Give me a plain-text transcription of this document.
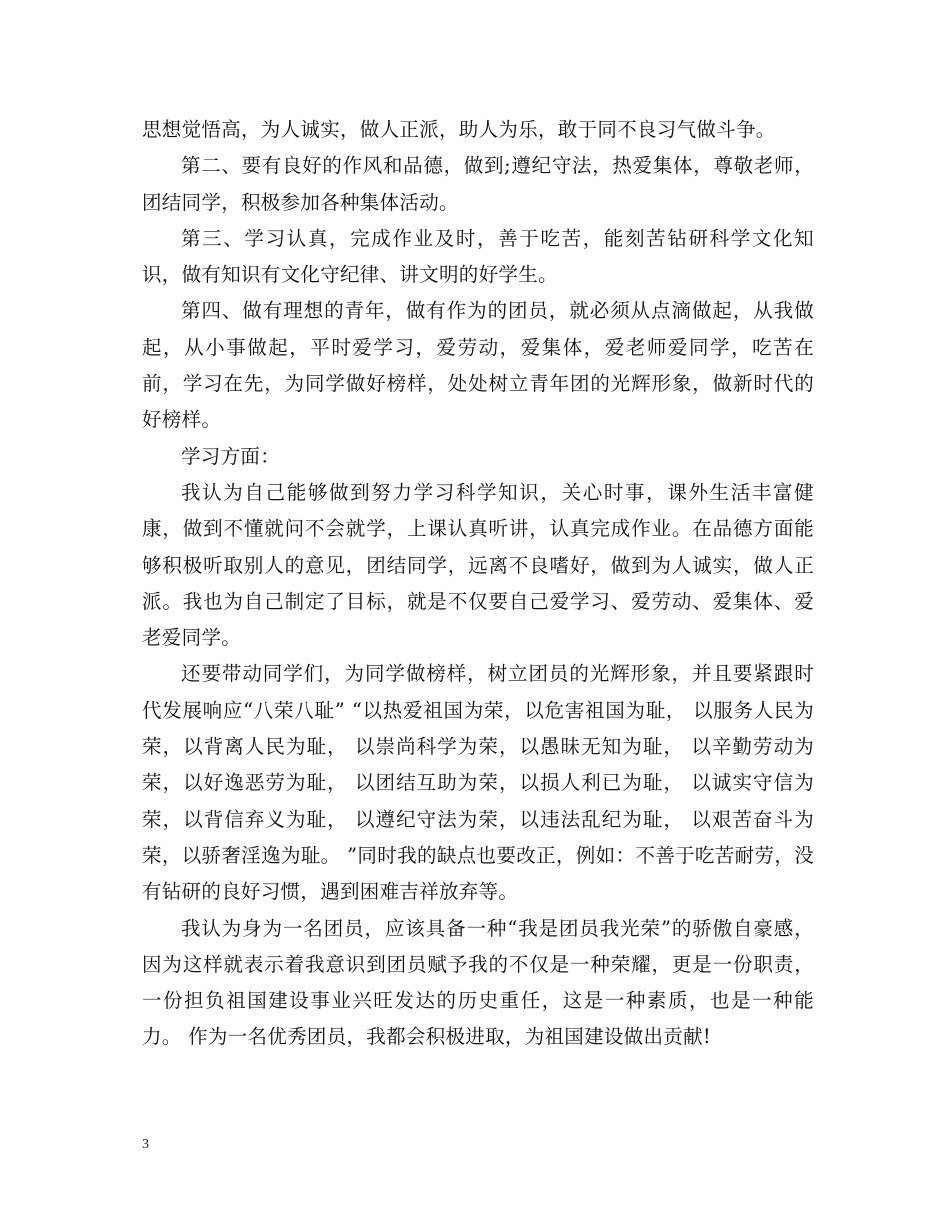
思想觉悟高，为人诚实，做人正派，助人为乐，敢于同不良习气做斗争。

第二、要有良好的作风和品德，做到;遵纪守法，热爱集体，尊敬老师，团结同学，积极参加各种集体活动。

第三、学习认真，完成作业及时，善于吃苦，能刻苦钻研科学文化知识，做有知识有文化守纪律、讲文明的好学生。

第四、做有理想的青年，做有作为的团员，就必须从点滴做起，从我做起，从小事做起，平时爱学习，爱劳动，爱集体，爱老师爱同学，吃苦在前，学习在先，为同学做好榜样，处处树立青年团的光辉形象，做新时代的好榜样。

学习方面：

我认为自己能够做到努力学习科学知识，关心时事，课外生活丰富健康，做到不懂就问不会就学，上课认真听讲，认真完成作业。在品德方面能够积极听取别人的意见，团结同学，远离不良嗜好，做到为人诚实，做人正派。我也为自己制定了目标，就是不仅要自己爱学习、爱劳动、爱集体、爱老爱同学。

还要带动同学们，为同学做榜样，树立团员的光辉形象，并且要紧跟时代发展响应“八荣八耻” “以热爱祖国为荣，以危害祖国为耻， 以服务人民为荣，以背离人民为耻， 以崇尚科学为荣，以愚昧无知为耻， 以辛勤劳动为荣，以好逸恶劳为耻， 以团结互助为荣，以损人利已为耻， 以诚实守信为荣，以背信弃义为耻， 以遵纪守法为荣，以违法乱纪为耻， 以艰苦奋斗为荣，以骄奢淫逸为耻。 ”同时我的缺点也要改正，例如：不善于吃苦耐劳，没有钻研的良好习惯，遇到困难吉祥放弃等。

我认为身为一名团员，应该具备一种“我是团员我光荣”的骄傲自豪感，因为这样就表示着我意识到团员赋予我的不仅是一种荣耀，更是一份职责，一份担负祖国建设事业兴旺发达的历史重任，这是一种素质，也是一种能力。 作为一名优秀团员，我都会积极进取，为祖国建设做出贡献!

3
